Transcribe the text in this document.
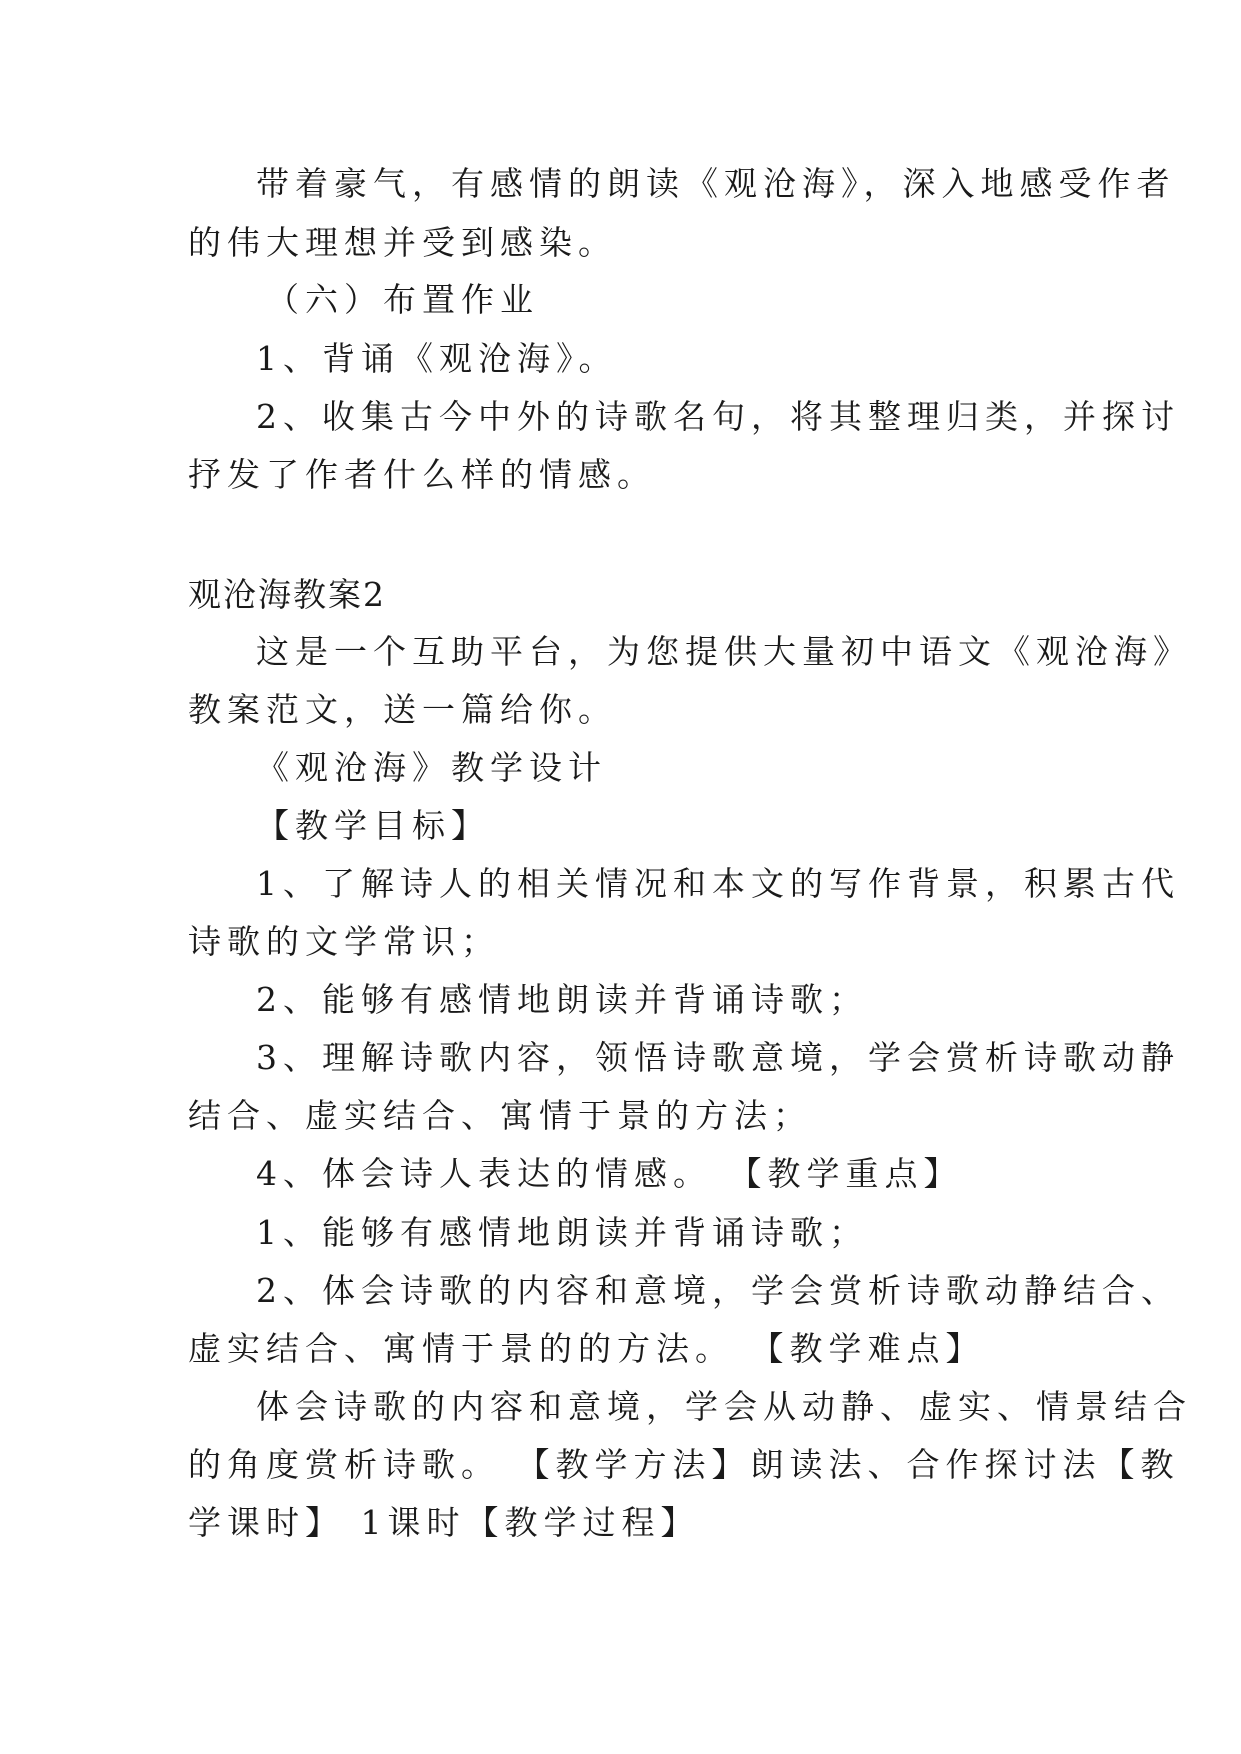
带着豪气，有感情的朗读《观沧海》，深入地感受作者
的伟大理想并受到感染。
（六）布置作业
1、背诵《观沧海》。
2、收集古今中外的诗歌名句，将其整理归类，并探讨
抒发了作者什么样的情感。
观沧海教案2
这是一个互助平台，为您提供大量初中语文《观沧海》
教案范文，送一篇给你。
《观沧海》教学设计
【教学目标】
1、了解诗人的相关情况和本文的写作背景，积累古代
诗歌的文学常识；
2、能够有感情地朗读并背诵诗歌；
3、理解诗歌内容，领悟诗歌意境，学会赏析诗歌动静
结合、虚实结合、寓情于景的方法；
4、体会诗人表达的情感。 【教学重点】
1、能够有感情地朗读并背诵诗歌；
2、体会诗歌的内容和意境，学会赏析诗歌动静结合、
虚实结合、寓情于景的的方法。 【教学难点】
体会诗歌的内容和意境，学会从动静、虚实、情景结合
的角度赏析诗歌。 【教学方法】朗读法、合作探讨法【教
学课时】 1课时【教学过程】
